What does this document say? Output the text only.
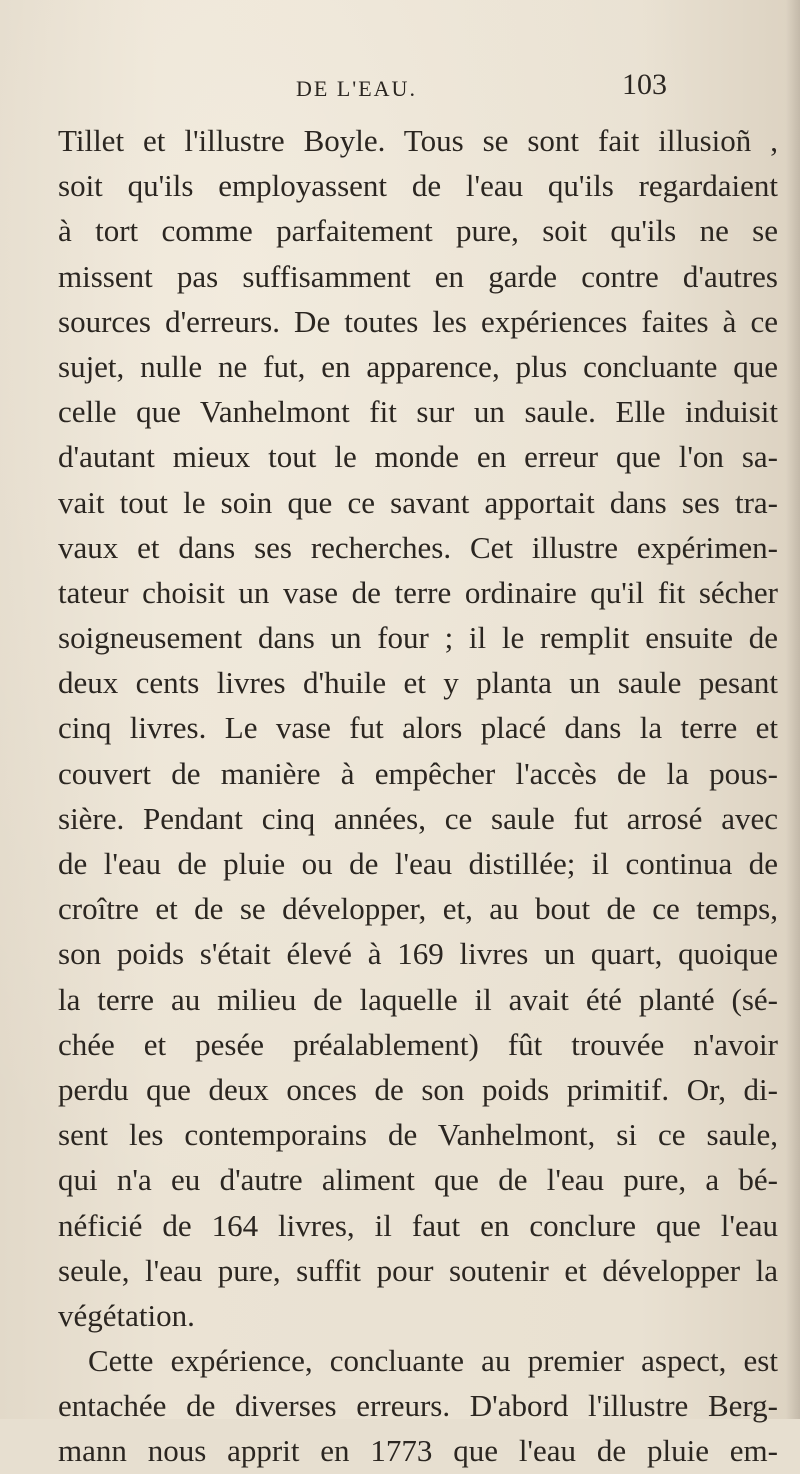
DE L'EAU.	103
Tillet et l'illustre Boyle. Tous se sont fait illusioñ ,
soit qu'ils employassent de l'eau qu'ils regardaient
à tort comme parfaitement pure, soit qu'ils ne se
missent pas suffisamment en garde contre d'autres
sources d'erreurs. De toutes les expériences faites à ce
sujet, nulle ne fut, en apparence, plus concluante que
celle que Vanhelmont fit sur un saule. Elle induisit
d'autant mieux tout le monde en erreur que l'on sa-
vait tout le soin que ce savant apportait dans ses tra-
vaux et dans ses recherches. Cet illustre expérimen-
tateur choisit un vase de terre ordinaire qu'il fit sécher
soigneusement dans un four ; il le remplit ensuite de
deux cents livres d'huile et y planta un saule pesant
cinq livres. Le vase fut alors placé dans la terre et
couvert de manière à empêcher l'accès de la pous-
sière. Pendant cinq années, ce saule fut arrosé avec
de l'eau de pluie ou de l'eau distillée; il continua de
croître et de se développer, et, au bout de ce temps,
son poids s'était élevé à 169 livres un quart, quoique
la terre au milieu de laquelle il avait été planté (sé-
chée et pesée préalablement) fût trouvée n'avoir
perdu que deux onces de son poids primitif. Or, di-
sent les contemporains de Vanhelmont, si ce saule,
qui n'a eu d'autre aliment que de l'eau pure, a bé-
néficié de 164 livres, il faut en conclure que l'eau
seule, l'eau pure, suffit pour soutenir et développer la
végétation.
Cette expérience, concluante au premier aspect, est
entachée de diverses erreurs. D'abord l'illustre Berg-
mann nous apprit en 1773 que l'eau de pluie em-
